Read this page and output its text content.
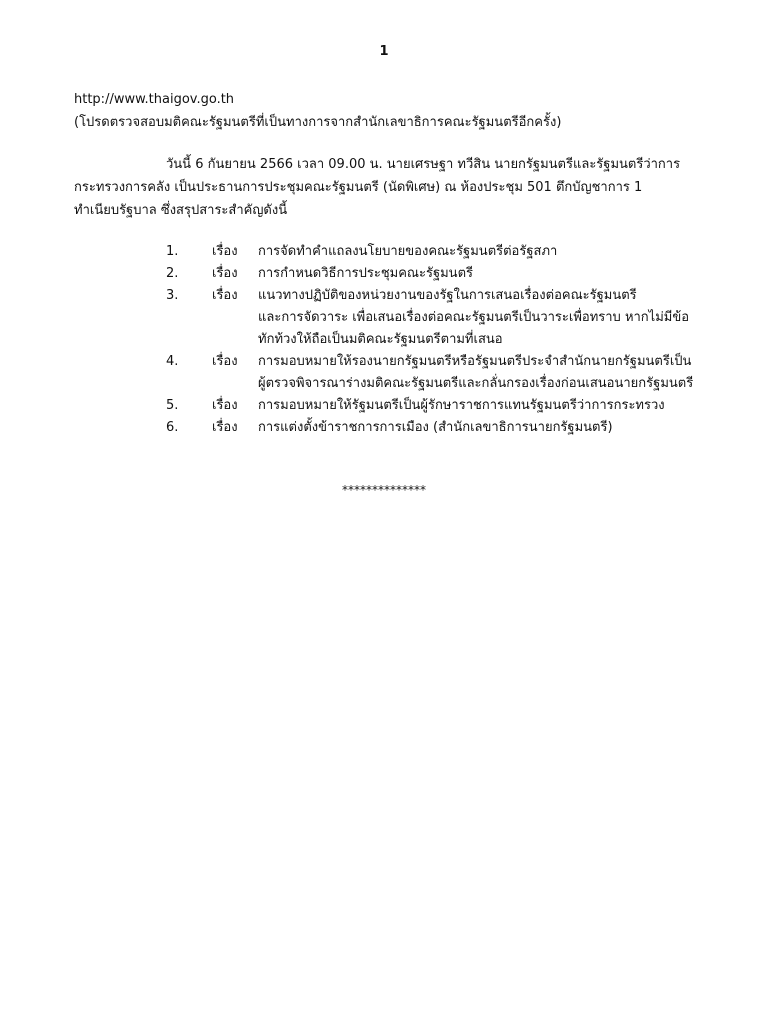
1
http://www.thaigov.go.th
(โปรดตรวจสอบมติคณะรัฐมนตรีที่เป็นทางการจากสำนักเลขาธิการคณะรัฐมนตรีอีกครั้ง)
วันนี้ 6 กันยายน 2566 เวลา 09.00 น. นายเศรษฐา ทวีสิน นายกรัฐมนตรีและรัฐมนตรีว่าการ
กระทรวงการคลัง เป็นประธานการประชุมคณะรัฐมนตรี (นัดพิเศษ) ณ ห้องประชุม 501 ตึกบัญชาการ 1
ทำเนียบรัฐบาล ซึ่งสรุปสาระสำคัญดังนี้
1.	เรื่อง การจัดทำคำแถลงนโยบายของคณะรัฐมนตรีต่อรัฐสภา
2.	เรื่อง การกำหนดวิธีการประชุมคณะรัฐมนตรี
3.	เรื่อง แนวทางปฏิบัติของหน่วยงานของรัฐในการเสนอเรื่องต่อคณะรัฐมนตรี
และการจัดวาระ เพื่อเสนอเรื่องต่อคณะรัฐมนตรีเป็นวาระเพื่อทราบ หากไม่มีข้อ
ทักท้วงให้ถือเป็นมติคณะรัฐมนตรีตามที่เสนอ
4.	เรื่อง การมอบหมายให้รองนายกรัฐมนตรีหรือรัฐมนตรีประจำสำนักนายกรัฐมนตรีเป็น
ผู้ตรวจพิจารณาร่างมติคณะรัฐมนตรีและกลั่นกรองเรื่องก่อนเสนอนายกรัฐมนตรี
5.	เรื่อง การมอบหมายให้รัฐมนตรีเป็นผู้รักษาราชการแทนรัฐมนตรีว่าการกระทรวง
6.	เรื่อง การแต่งตั้งข้าราชการการเมือง (สำนักเลขาธิการนายกรัฐมนตรี)
**************
